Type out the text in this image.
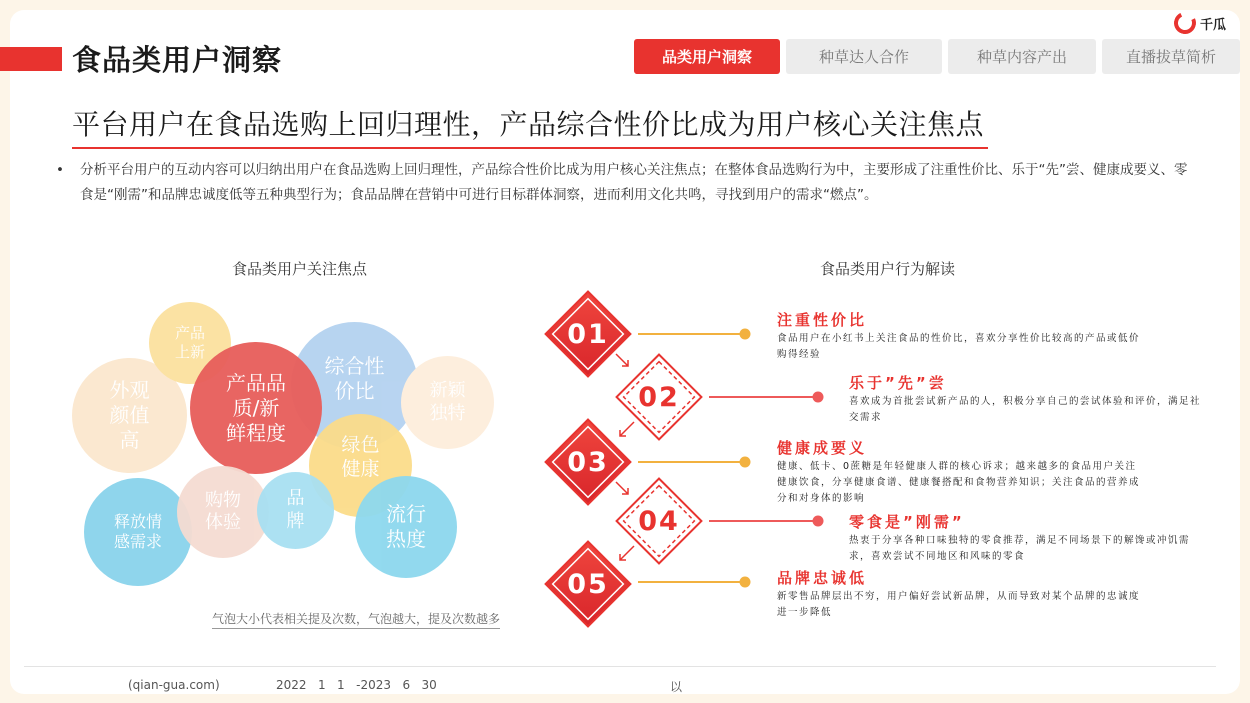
食品类用户洞察
千瓜
品类用户洞察	种草达人合作	种草内容产出	直播拔草简析
平台用户在食品选购上回归理性，产品综合性价比成为用户核心关注焦点
• 分析平台用户的互动内容可以归纳出用户在食品选购上回归理性，产品综合性价比成为用户核心关注焦点；在整体食品选购行为中，主要形成了注重性价比、乐于“先”尝、健康成要义、零食是“刚需”和品牌忠诚度低等五种典型行为；食品品牌在营销中可进行目标群体洞察，进而利用文化共鸣，寻找到用户的需求“燃点”。
食品类用户关注焦点
外观
颜值
高
产品
上新
综合性
价比	新颖
独特
产品品
质/新
鲜程度
绿色
健康
释放情
感需求
购物
体验
品
牌	流行
热度
气泡大小代表相关提及次数，气泡越大，提及次数越多
食品类用户行为解读
01
02
03
04
05
注重性价比
食品用户在小红书上关注食品的性价比，喜欢分享性价比较高的产品或低价购得经验
乐于”先”尝
喜欢成为首批尝试新产品的人，积极分享自己的尝试体验和评价，满足社交需求
健康成要义
健康、低卡、0蔗糖是年轻健康人群的核心诉求；越来越多的食品用户关注健康饮食，分享健康食谱、健康餐搭配和食物营养知识；关注食品的营养成分和对身体的影响
零食是”刚需”
热衷于分享各种口味独特的零食推荐，满足不同场景下的解馋或冲饥需求，喜欢尝试不同地区和风味的零食
品牌忠诚低
新零售品牌层出不穷，用户偏好尝试新品牌，从而导致对某个品牌的忠诚度进一步降低
(qian-gua.com)	2022   1   1   -2023   6   30	以
